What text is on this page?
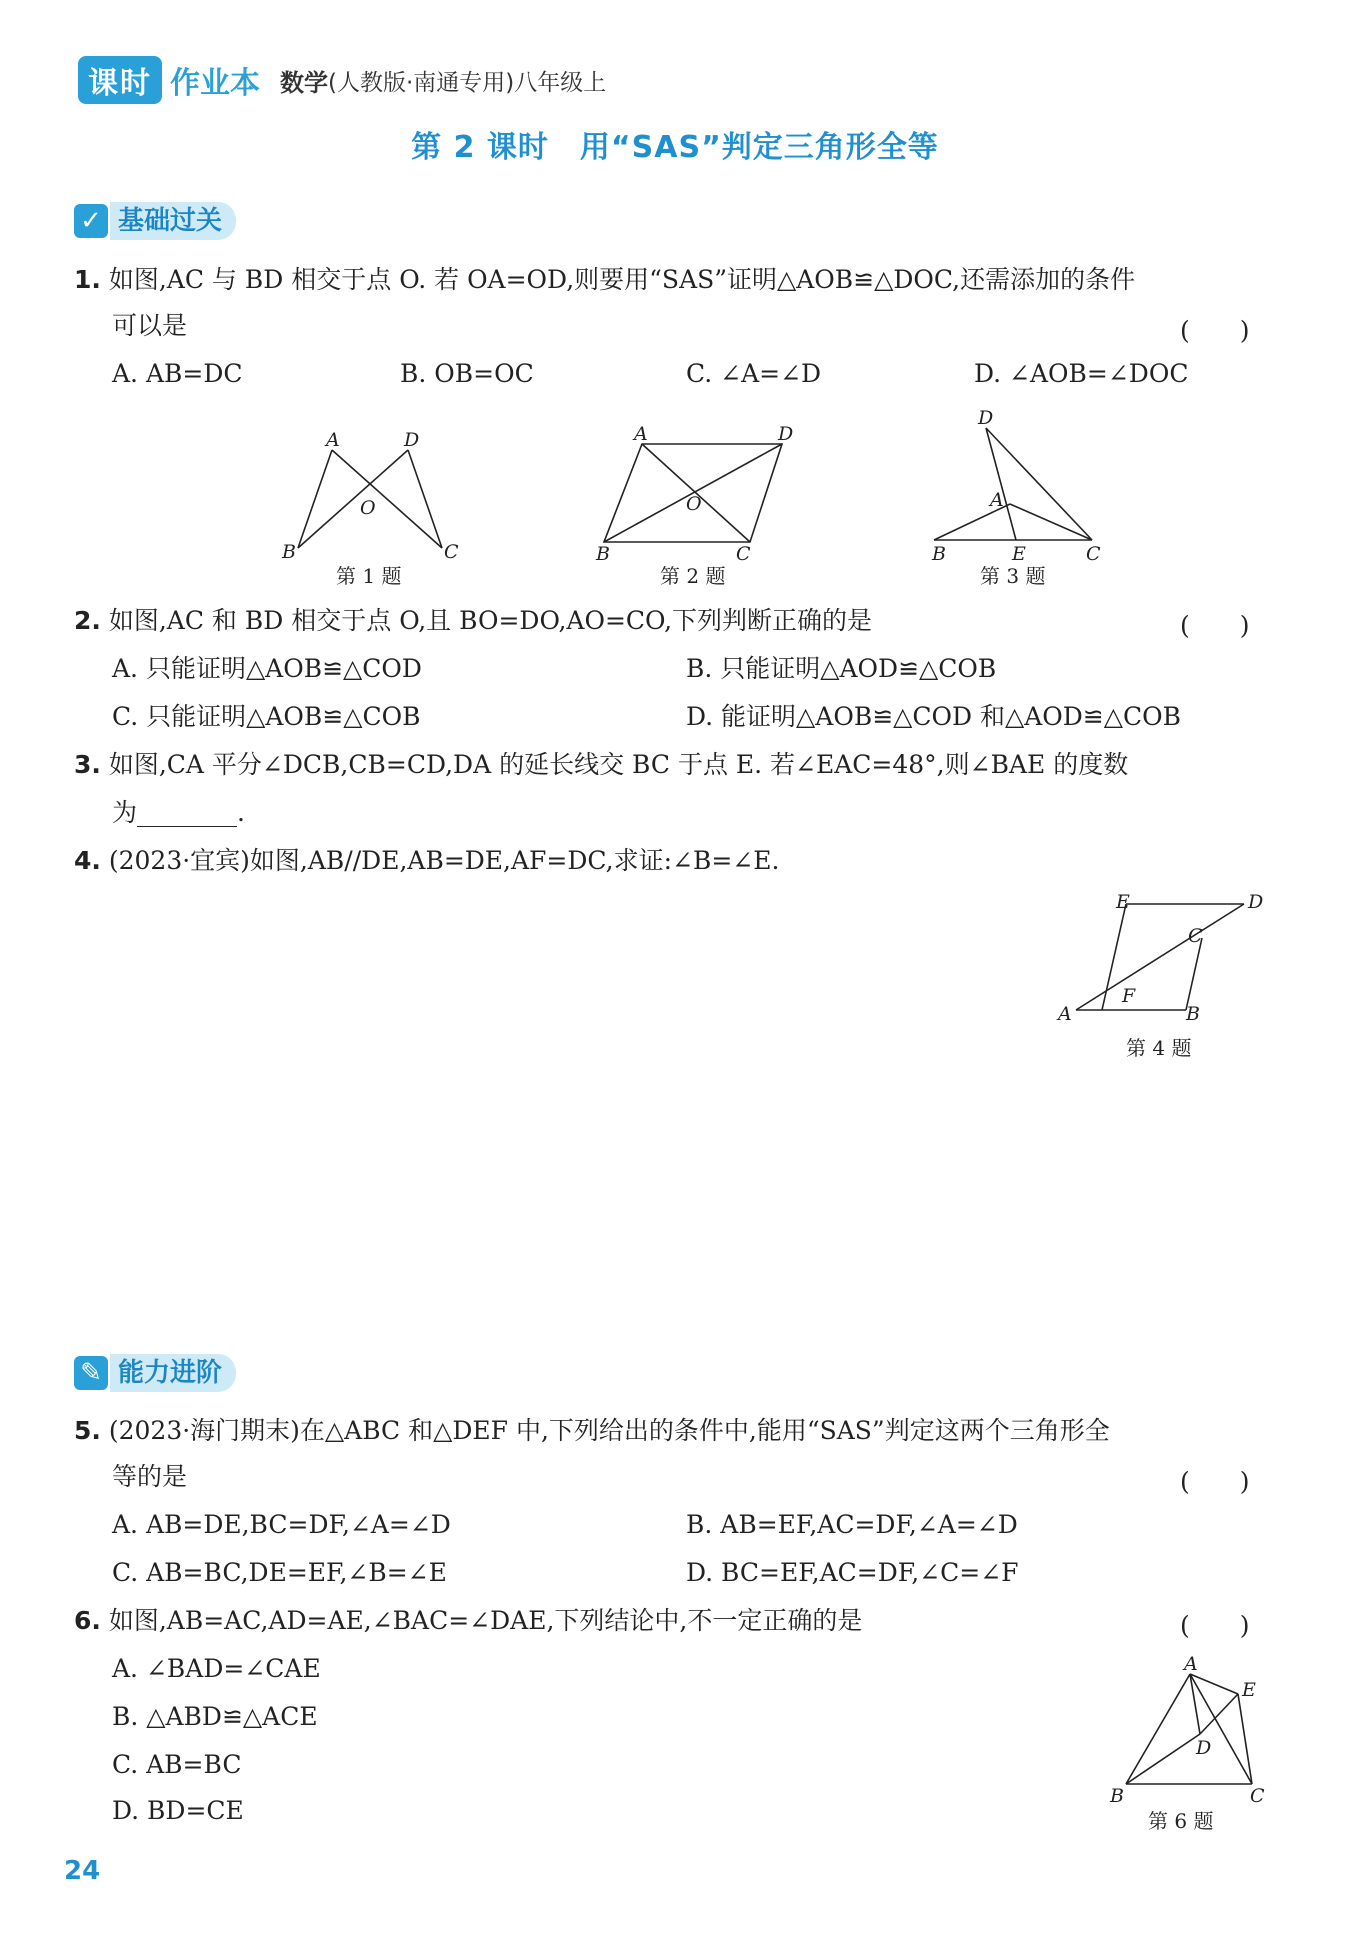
课时 作业本 数学 (人教版·南通专用)八年级上
第 2 课时　用“SAS”判定三角形全等
✓ 基础过关
1. 如图,AC 与 BD 相交于点 O. 若 OA=OD,则要用“SAS”证明△AOB≌△DOC,还需添加的条件
可以是	(　　)
A. AB=DC	B. OB=OC	C. ∠A=∠D	D. ∠AOB=∠DOC
A	D
O
B	C
第 1 题
A	D
O
B	C
第 2 题
D
A
B	E	C
第 3 题
2. 如图,AC 和 BD 相交于点 O,且 BO=DO,AO=CO,下列判断正确的是	(　　)
A. 只能证明△AOB≌△COD	B. 只能证明△AOD≌△COB
C. 只能证明△AOB≌△COB	D. 能证明△AOB≌△COD 和△AOD≌△COB
3. 如图,CA 平分∠DCB,CB=CD,DA 的延长线交 BC 于点 E. 若∠EAC=48°,则∠BAE 的度数
为________.
4. (2023·宜宾)如图,AB//DE,AB=DE,AF=DC,求证:∠B=∠E.
E	D
C
F
A	B
第 4 题
✎ 能力进阶
5. (2023·海门期末)在△ABC 和△DEF 中,下列给出的条件中,能用“SAS”判定这两个三角形全
等的是	(　　)
A. AB=DE,BC=DF,∠A=∠D	B. AB=EF,AC=DF,∠A=∠D
C. AB=BC,DE=EF,∠B=∠E	D. BC=EF,AC=DF,∠C=∠F
6. 如图,AB=AC,AD=AE,∠BAC=∠DAE,下列结论中,不一定正确的是	(　　)
A. ∠BAD=∠CAE
B. △ABD≌△ACE
C. AB=BC
D. BD=CE
A
E
D
B	C
第 6 题
24
